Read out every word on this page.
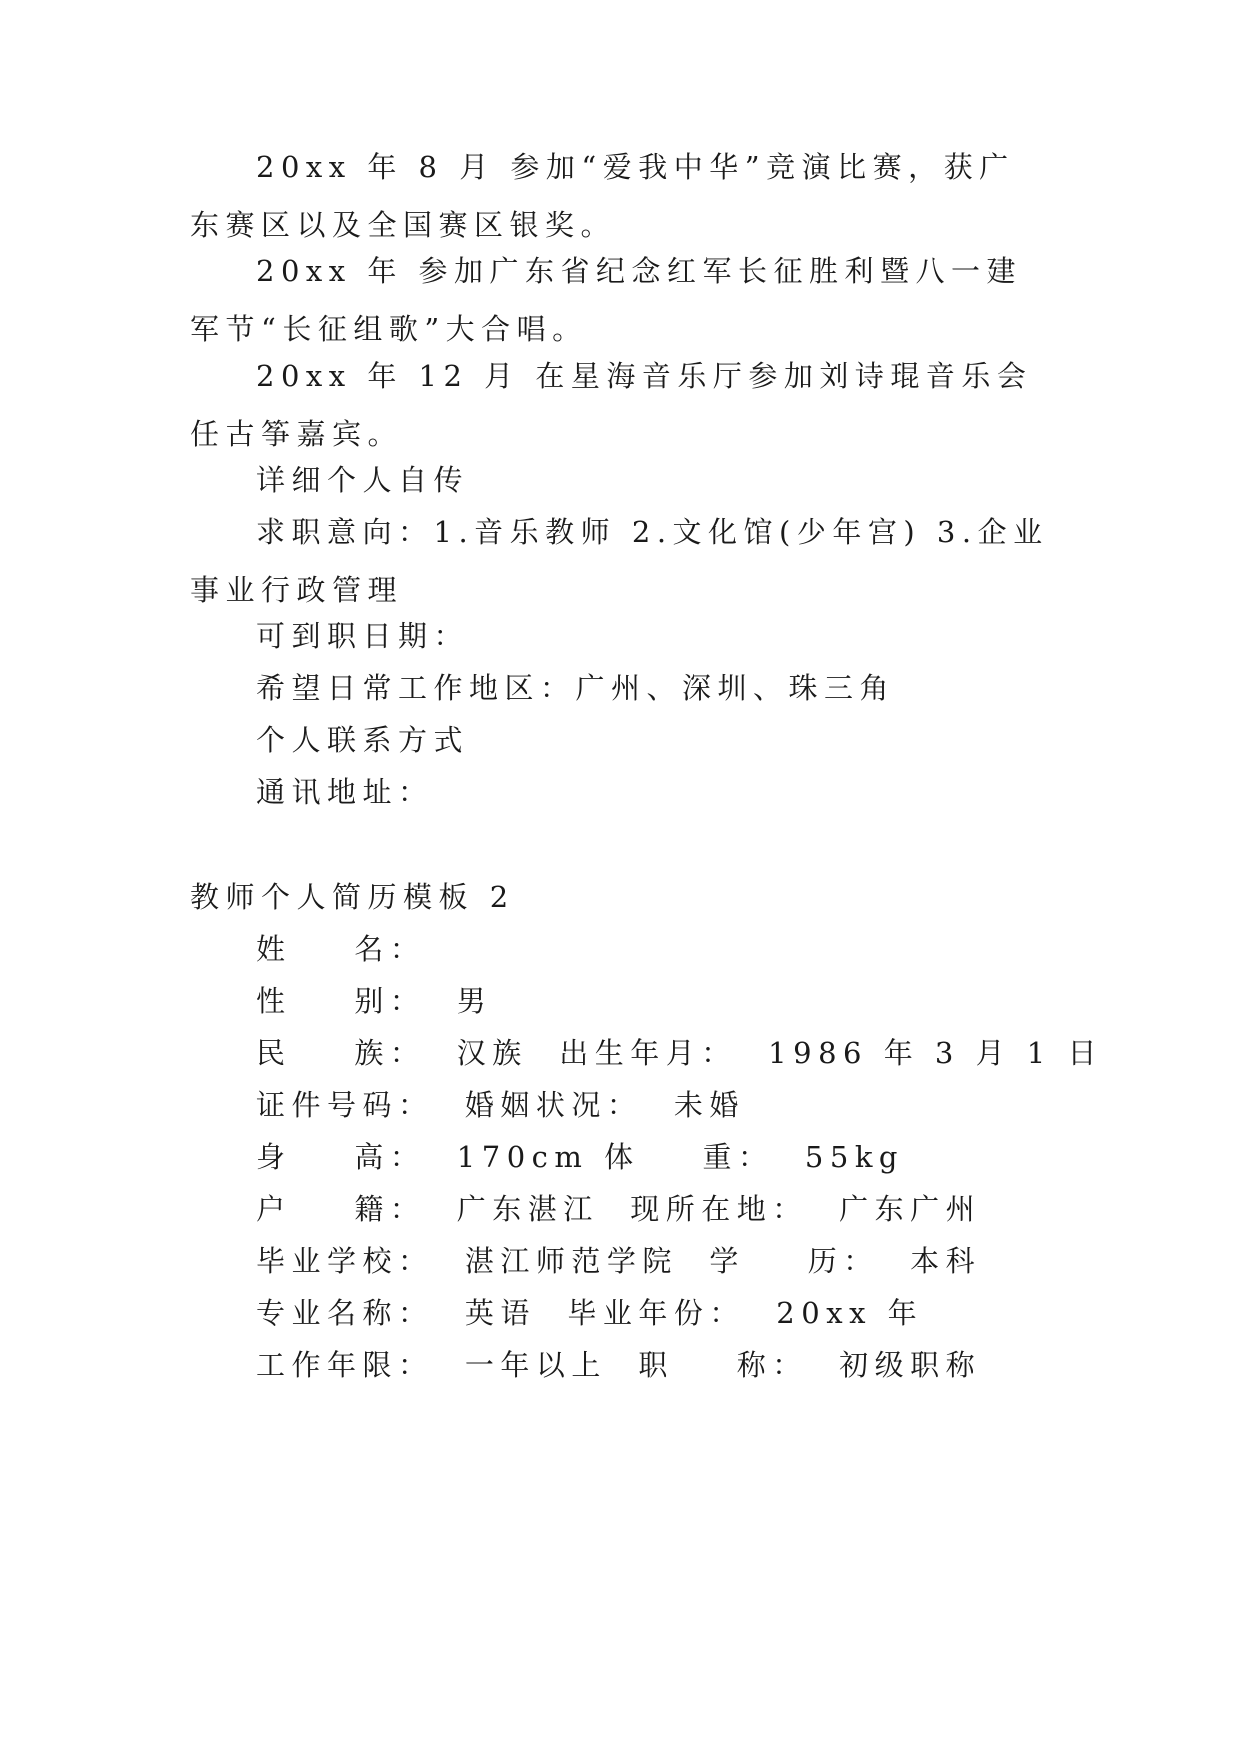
20xx 年 8 月 参加“爱我中华”竞演比赛，获广东赛区以及全国赛区银奖。
20xx 年 参加广东省纪念红军长征胜利暨八一建军节“长征组歌”大合唱。
20xx 年 12 月 在星海音乐厅参加刘诗琨音乐会任古筝嘉宾。
详细个人自传
求职意向：1.音乐教师 2.文化馆(少年宫) 3.企业事业行政管理
可到职日期：
希望日常工作地区：广州、深圳、珠三角
个人联系方式
通讯地址：
教师个人简历模板 2
姓    名：
性    别：  男
民    族：  汉族  出生年月：  1986 年 3 月 1 日
证件号码：  婚姻状况：  未婚
身    高：  170cm 体    重：  55kg
户    籍：  广东湛江  现所在地：  广东广州
毕业学校：  湛江师范学院  学    历：  本科
专业名称：  英语  毕业年份：  20xx 年
工作年限：  一年以上  职    称：  初级职称
